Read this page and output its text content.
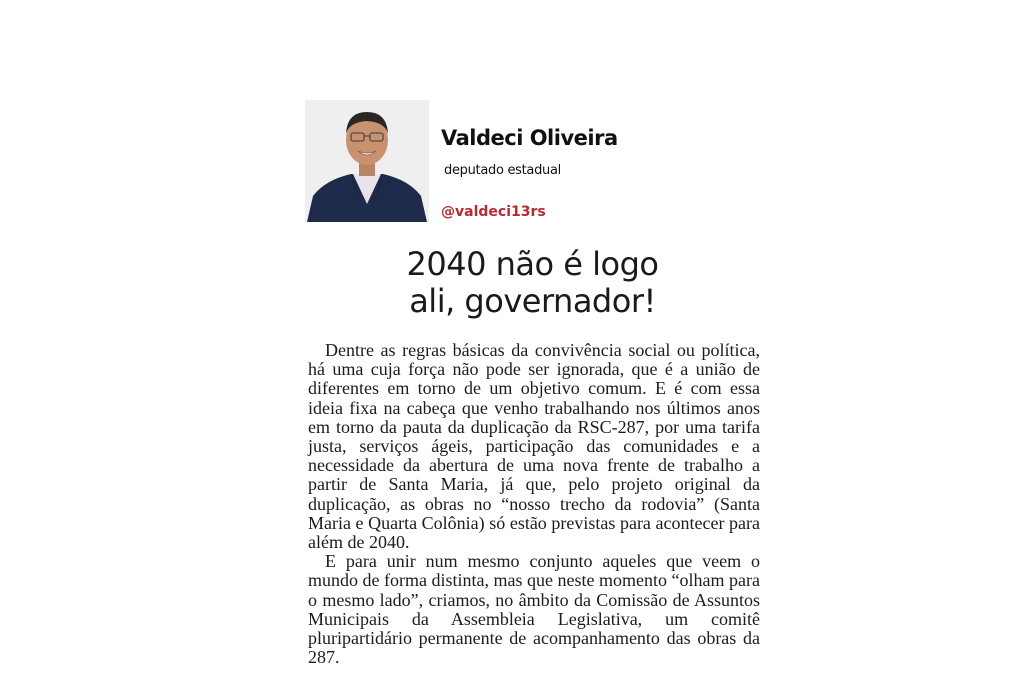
Valdeci Oliveira
deputado estadual
@valdeci13rs
2040 não é logo
ali, governador!

Dentre as regras básicas da convivência social ou política, há uma cuja força não pode ser ignorada, que é a união de diferentes em torno de um objetivo comum. E é com essa ideia fixa na cabeça que venho trabalhando nos últimos anos em torno da pauta da duplicação da RSC-287, por uma tarifa justa, serviços ágeis, participação das comunidades e a necessidade da abertura de uma nova frente de trabalho a partir de Santa Maria, já que, pelo projeto original da duplicação, as obras no “nosso trecho da rodovia” (Santa Maria e Quarta Colônia) só estão previstas para acontecer para além de 2040.

E para unir num mesmo conjunto aqueles que veem o mundo de forma distinta, mas que neste momento “olham para o mesmo lado”, criamos, no âmbito da Comissão de Assuntos Municipais da Assembleia Legislativa, um comitê pluripartidário permanente de acompanhamento das obras da 287.
